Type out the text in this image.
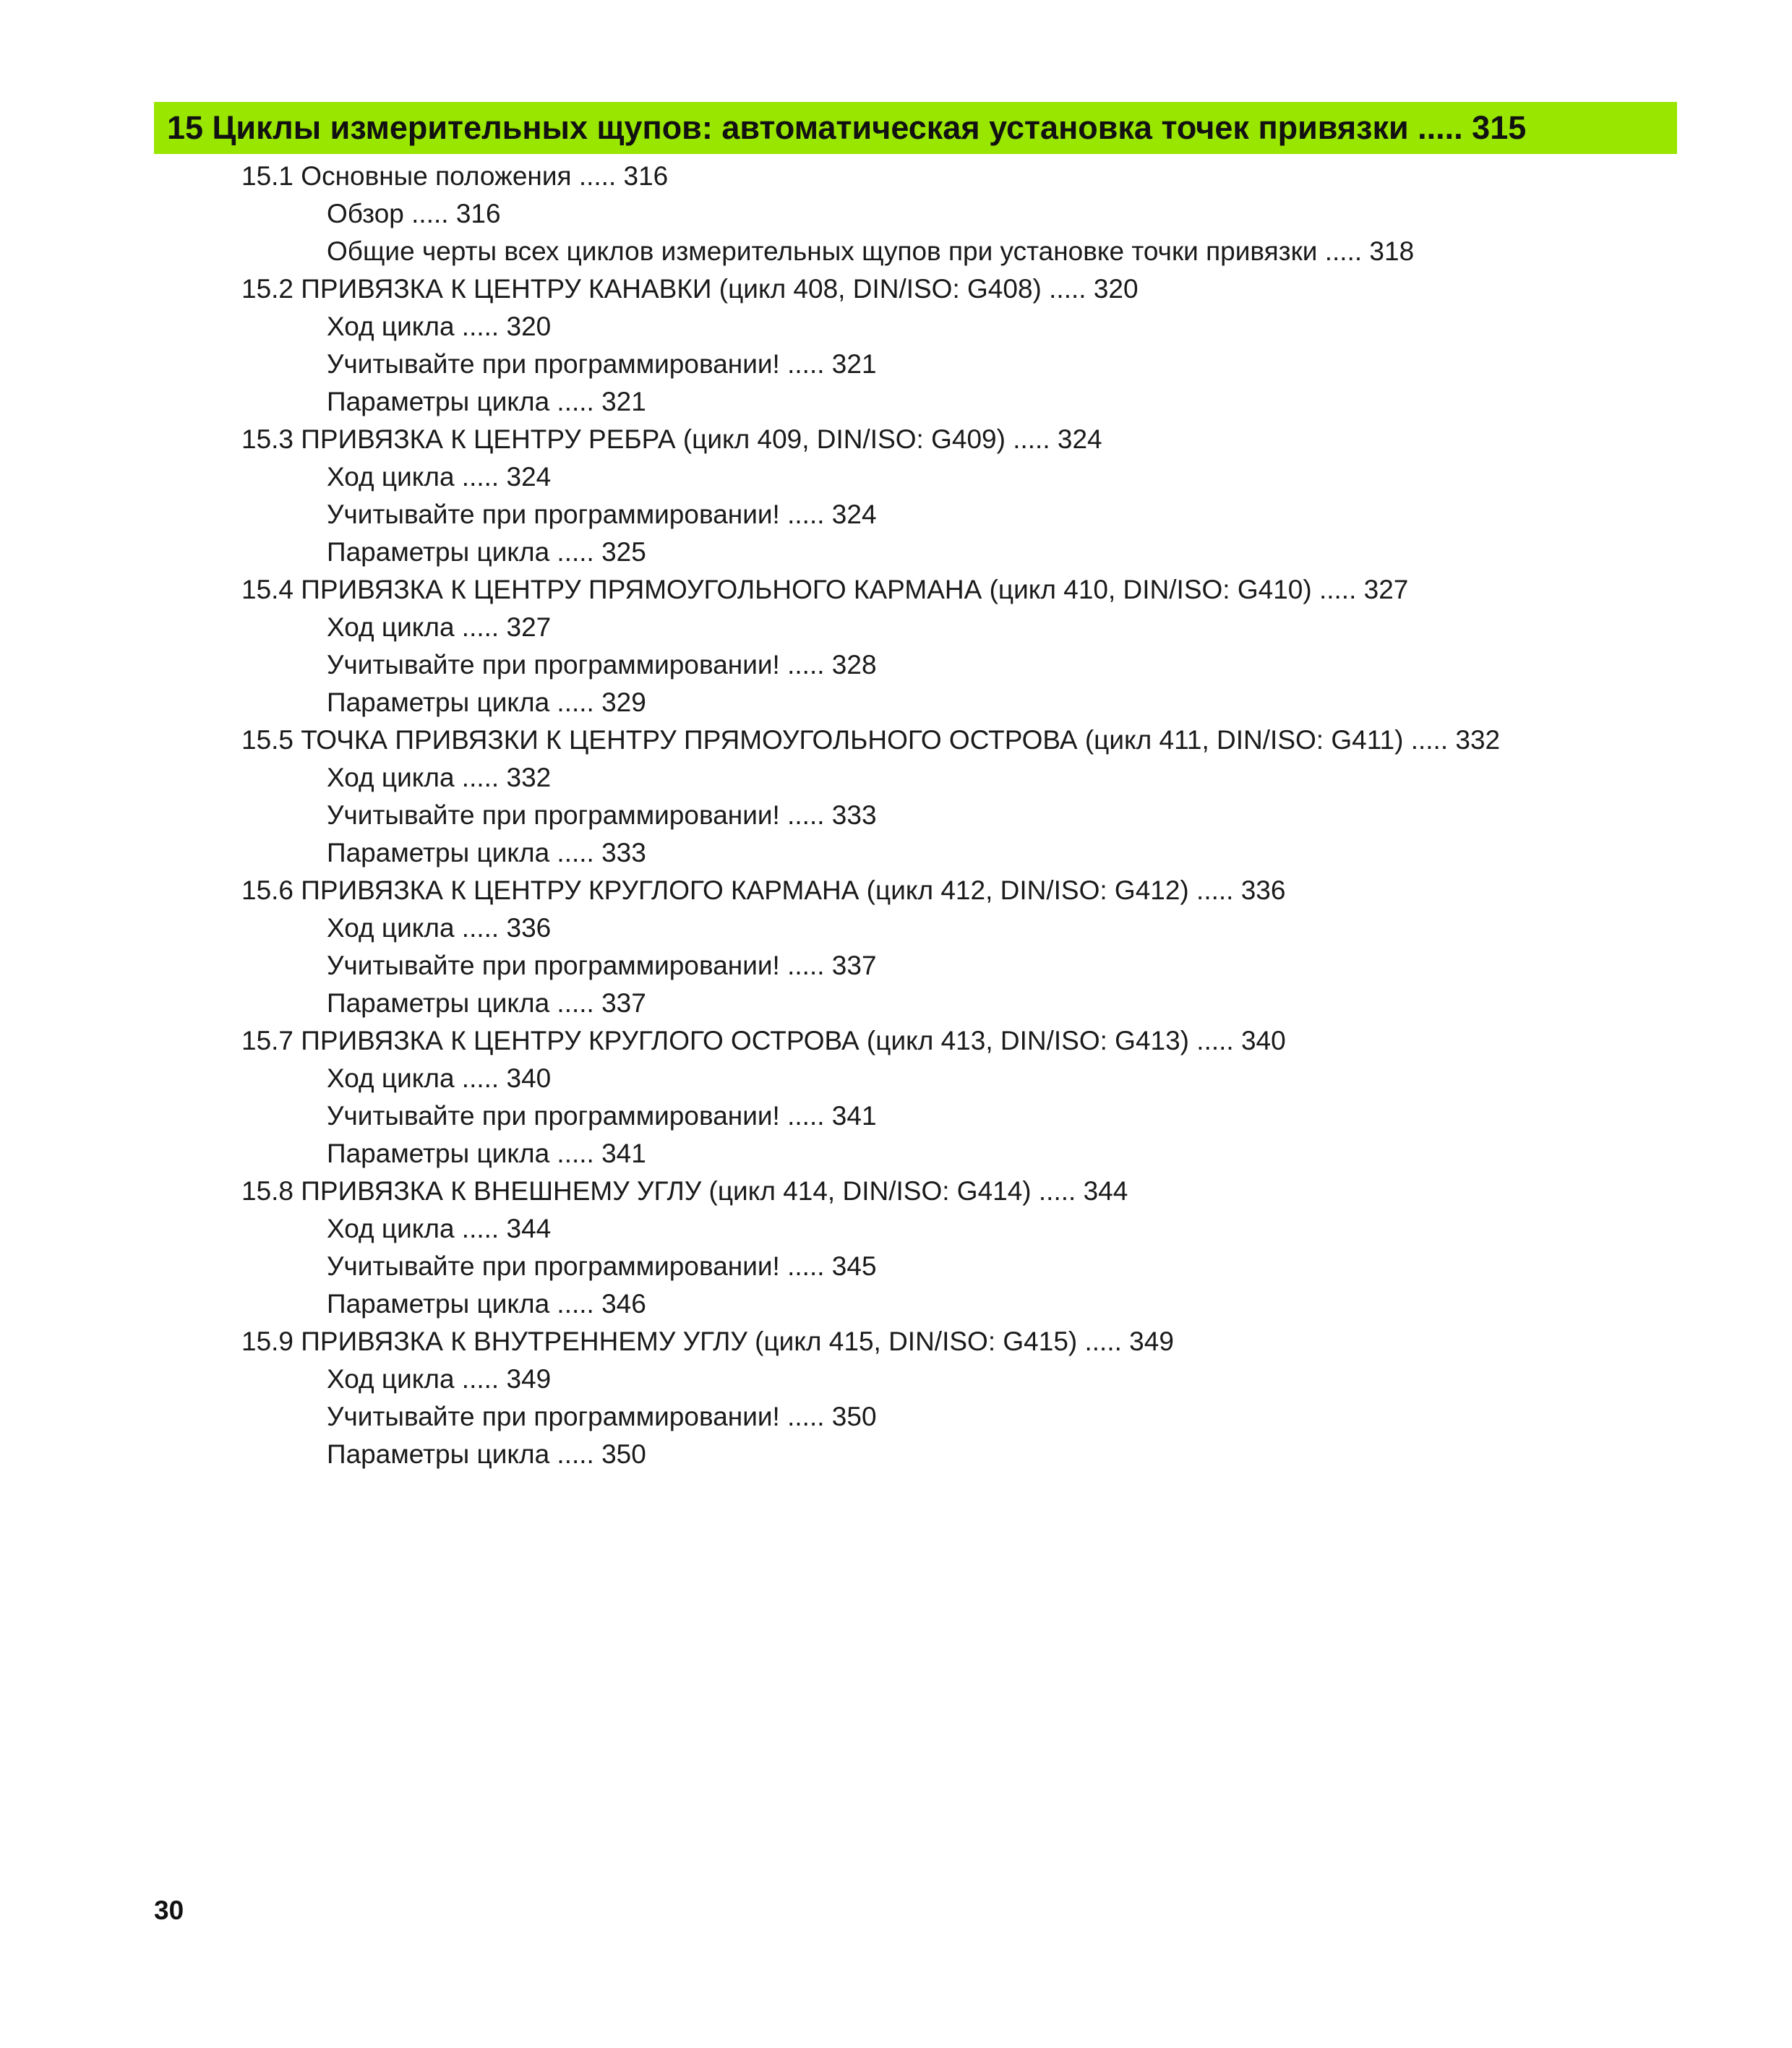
15 Циклы измерительных щупов: автоматическая установка точек привязки ..... 315
15.1 Основные положения ..... 316
Обзор ..... 316
Общие черты всех циклов измерительных щупов при установке точки привязки ..... 318
15.2 ПРИВЯЗКА К ЦЕНТРУ КАНАВКИ (цикл 408, DIN/ISO: G408) ..... 320
Ход цикла ..... 320
Учитывайте при программировании! ..... 321
Параметры цикла ..... 321
15.3 ПРИВЯЗКА К ЦЕНТРУ РЕБРА (цикл 409, DIN/ISO: G409) ..... 324
Ход цикла ..... 324
Учитывайте при программировании! ..... 324
Параметры цикла ..... 325
15.4 ПРИВЯЗКА К ЦЕНТРУ ПРЯМОУГОЛЬНОГО КАРМАНА (цикл 410, DIN/ISO: G410) ..... 327
Ход цикла ..... 327
Учитывайте при программировании! ..... 328
Параметры цикла ..... 329
15.5 ТОЧКА ПРИВЯЗКИ К ЦЕНТРУ ПРЯМОУГОЛЬНОГО ОСТРОВА (цикл 411, DIN/ISO: G411) ..... 332
Ход цикла ..... 332
Учитывайте при программировании! ..... 333
Параметры цикла ..... 333
15.6 ПРИВЯЗКА К ЦЕНТРУ КРУГЛОГО КАРМАНА (цикл 412, DIN/ISO: G412) ..... 336
Ход цикла ..... 336
Учитывайте при программировании! ..... 337
Параметры цикла ..... 337
15.7 ПРИВЯЗКА К ЦЕНТРУ КРУГЛОГО ОСТРОВА (цикл 413, DIN/ISO: G413) ..... 340
Ход цикла ..... 340
Учитывайте при программировании! ..... 341
Параметры цикла ..... 341
15.8 ПРИВЯЗКА К ВНЕШНЕМУ УГЛУ (цикл 414, DIN/ISO: G414) ..... 344
Ход цикла ..... 344
Учитывайте при программировании! ..... 345
Параметры цикла ..... 346
15.9 ПРИВЯЗКА К ВНУТРЕННЕМУ УГЛУ (цикл 415, DIN/ISO: G415) ..... 349
Ход цикла ..... 349
Учитывайте при программировании! ..... 350
Параметры цикла ..... 350
30
